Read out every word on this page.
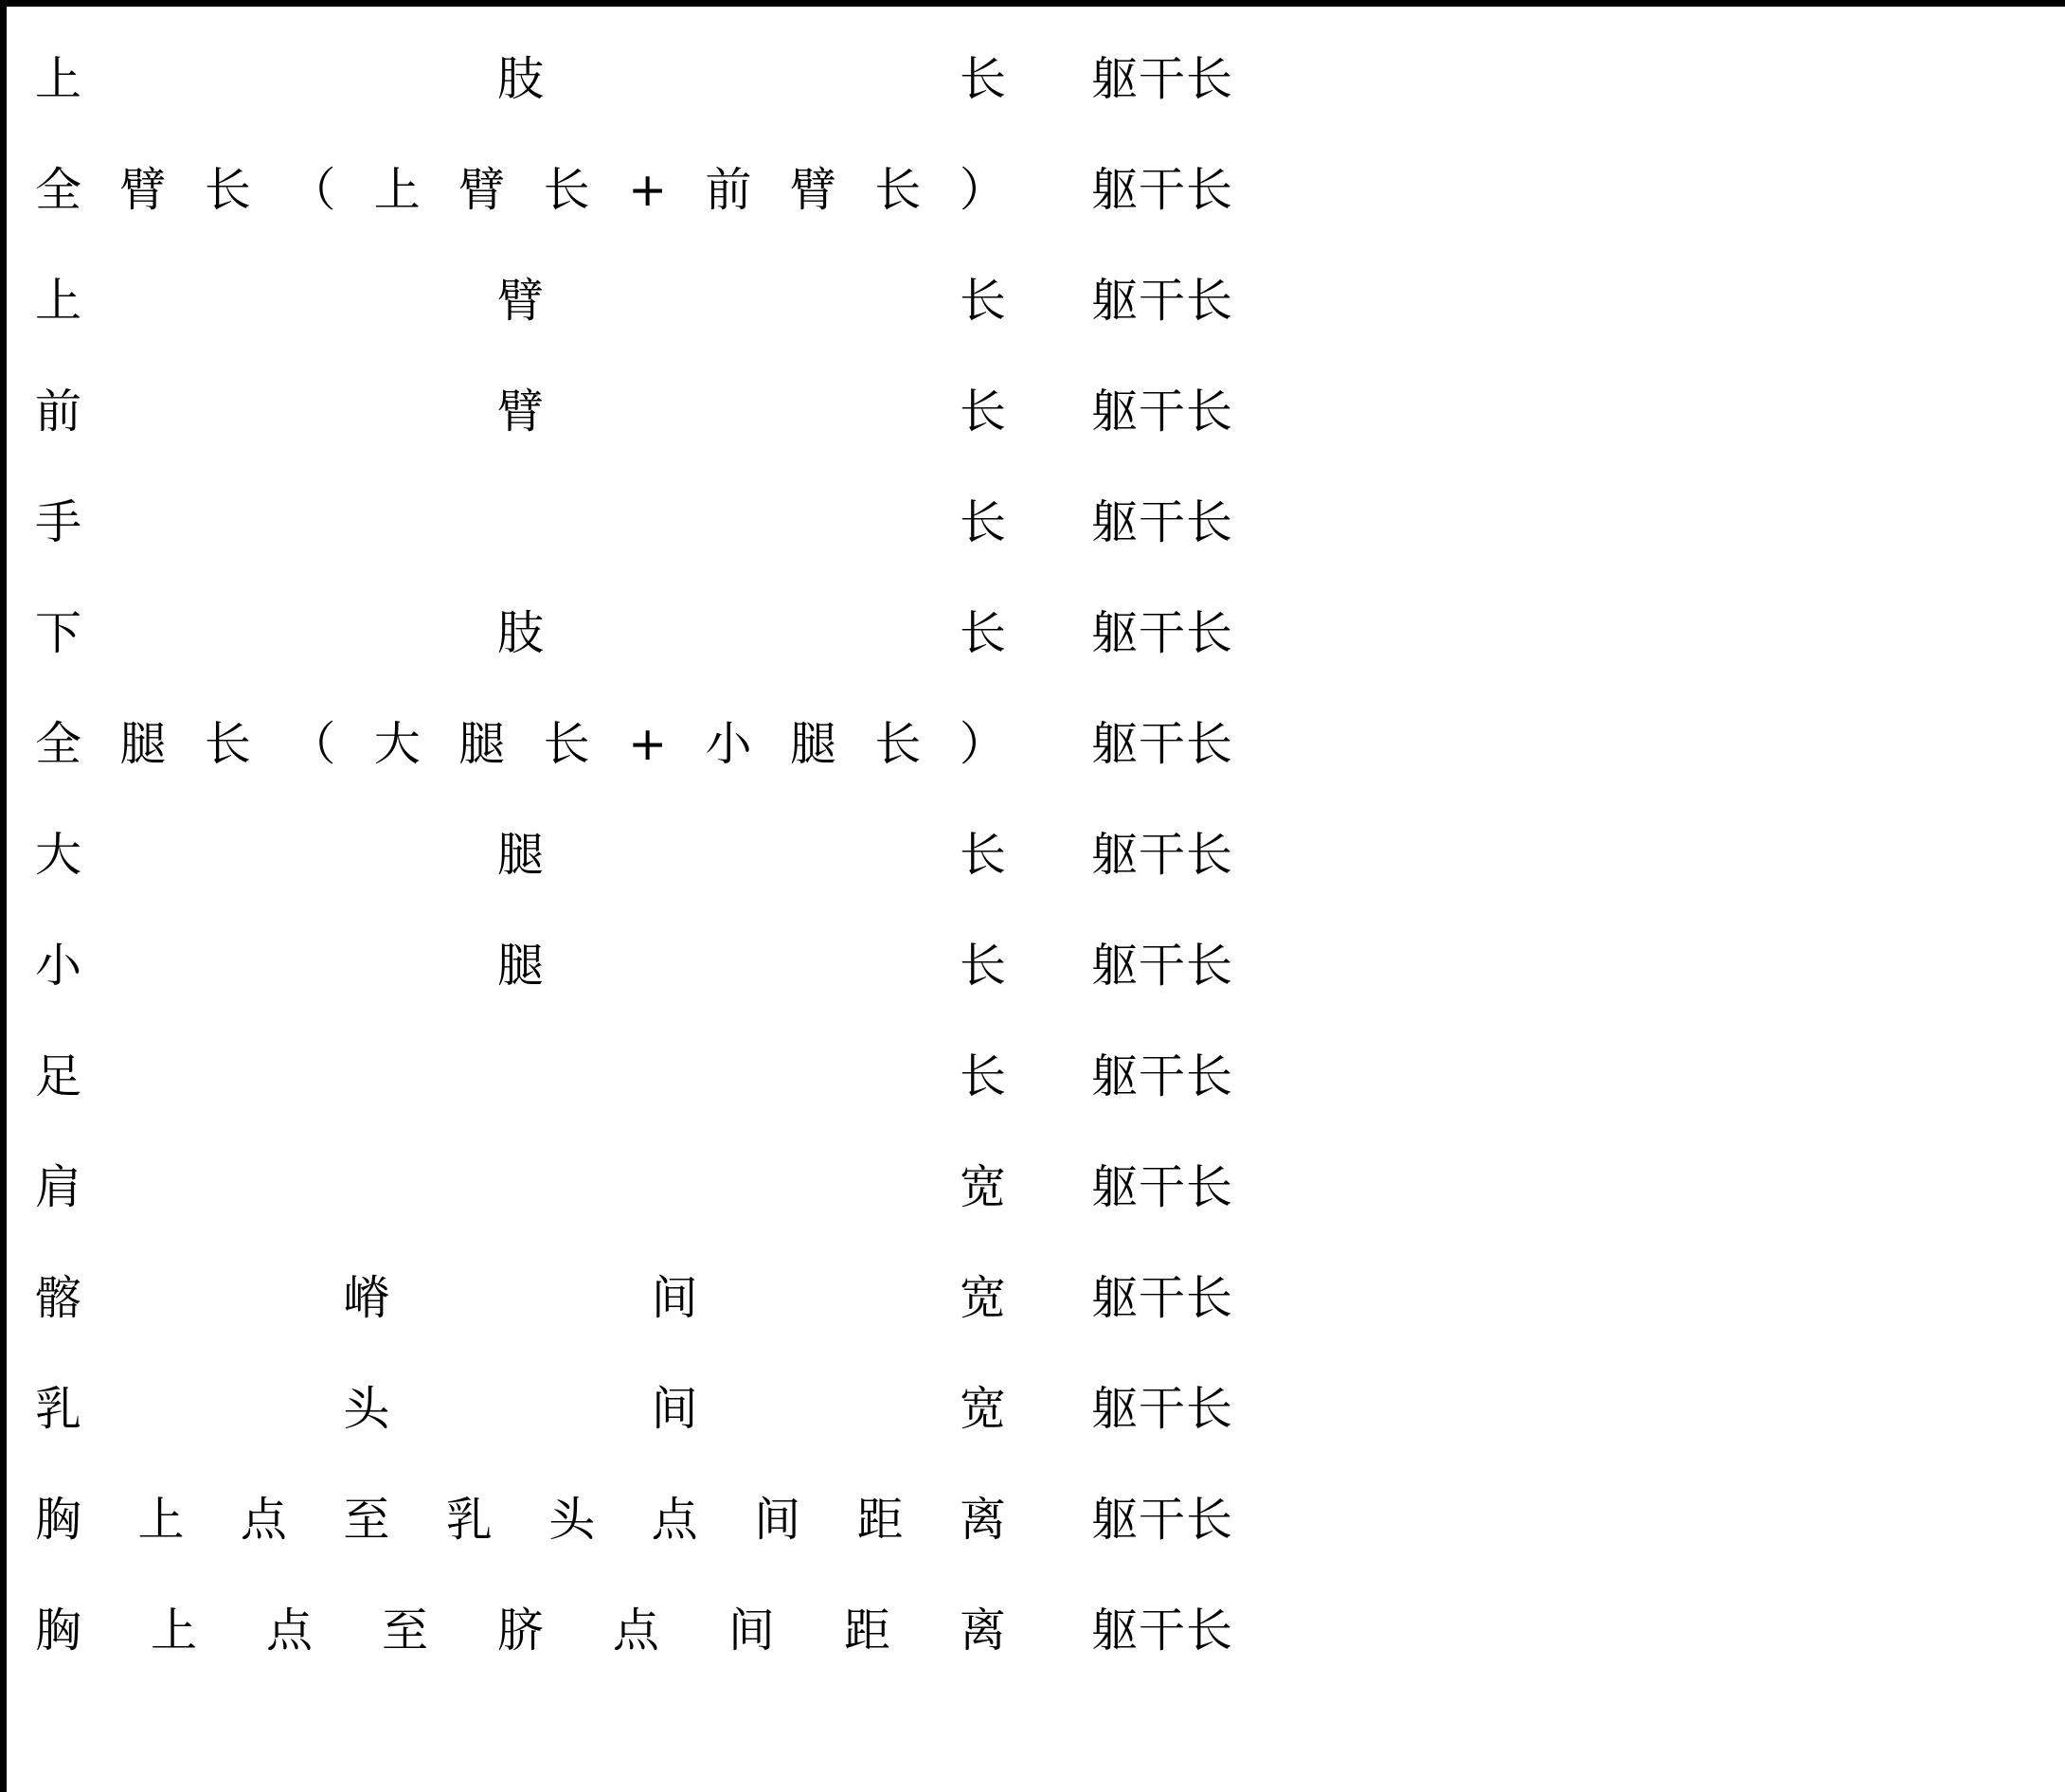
上	肢	长 躯干长
全 臂 长 （ 上 臂 长 + 前 臂 长 ） 躯干长
上	臂	长 躯干长
前	臂	长 躯干长
手	长 躯干长
下	肢	长 躯干长
全 腿 长 （ 大 腿 长 + 小 腿 长 ） 躯干长
大	腿	长 躯干长
小	腿	长 躯干长
足	长 躯干长
肩	宽 躯干长
髂	嵴	间	宽 躯干长
乳	头	间	宽 躯干长
胸 上 点 至 乳 头 点 间 距 离 躯干长
胸 上 点 至 脐 点 间 距 离 躯干长
